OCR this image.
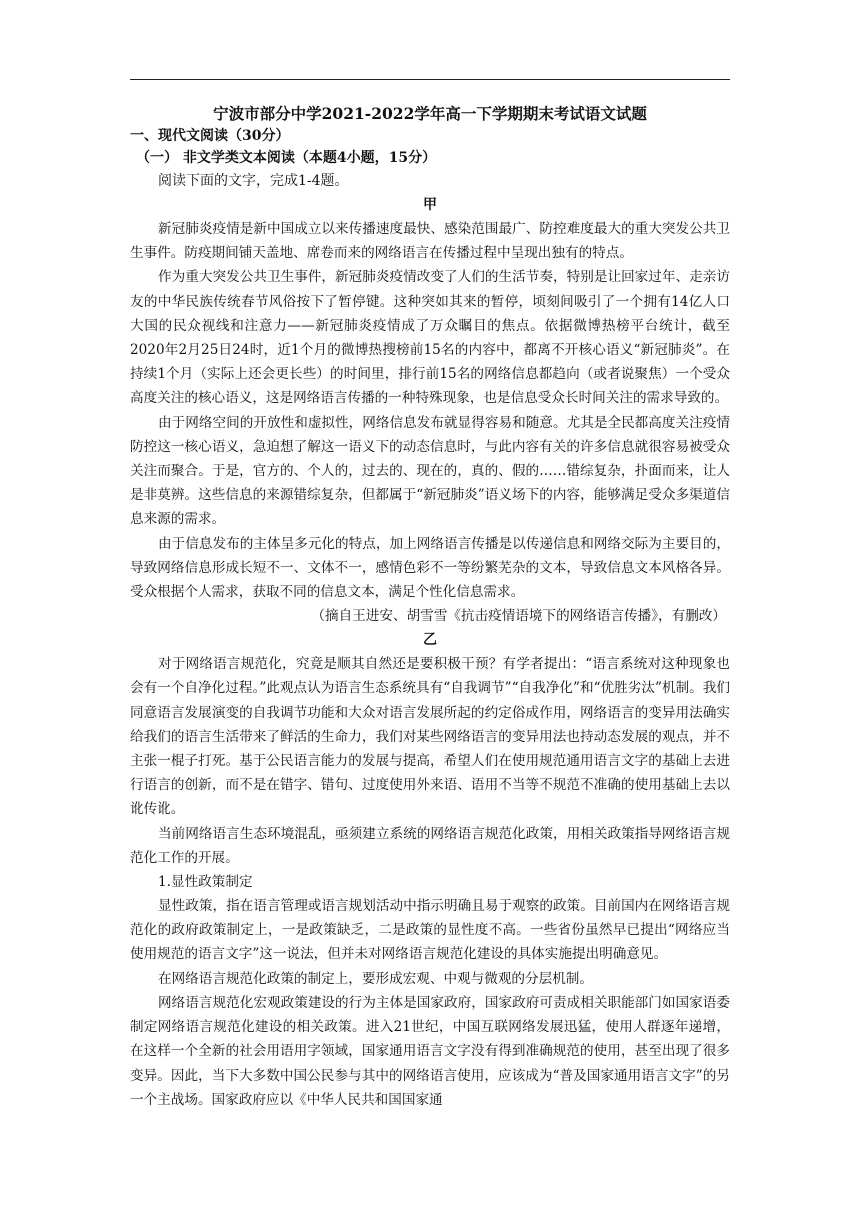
宁波市部分中学2021-2022学年高一下学期期末考试语文试题
一、现代文阅读（30分）
（一） 非文学类文本阅读（本题4小题，15分）
阅读下面的文字，完成1-4题。
甲

新冠肺炎疫情是新中国成立以来传播速度最快、感染范围最广、防控难度最大的重大突发公共卫生事件。防疫期间铺天盖地、席卷而来的网络语言在传播过程中呈现出独有的特点。

作为重大突发公共卫生事件，新冠肺炎疫情改变了人们的生活节奏，特别是让回家过年、走亲访友的中华民族传统春节风俗按下了暂停键。这种突如其来的暂停，顷刻间吸引了一个拥有14亿人口大国的民众视线和注意力——新冠肺炎疫情成了万众瞩目的焦点。依据微博热榜平台统计，截至2020年2月25日24时，近1个月的微博热搜榜前15名的内容中，都离不开核心语义“新冠肺炎”。在持续1个月（实际上还会更长些）的时间里，排行前15名的网络信息都趋向（或者说聚焦）一个受众高度关注的核心语义，这是网络语言传播的一种特殊现象，也是信息受众长时间关注的需求导致的。

由于网络空间的开放性和虚拟性，网络信息发布就显得容易和随意。尤其是全民都高度关注疫情防控这一核心语义，急迫想了解这一语义下的动态信息时，与此内容有关的许多信息就很容易被受众关注而聚合。于是，官方的、个人的，过去的、现在的，真的、假的……错综复杂，扑面而来，让人是非莫辨。这些信息的来源错综复杂，但都属于“新冠肺炎”语义场下的内容，能够满足受众多渠道信息来源的需求。

由于信息发布的主体呈多元化的特点，加上网络语言传播是以传递信息和网络交际为主要目的，导致网络信息形成长短不一、文体不一，感情色彩不一等纷繁芜杂的文本，导致信息文本风格各异。受众根据个人需求，获取不同的信息文本，满足个性化信息需求。

（摘自王进安、胡雪雪《抗击疫情语境下的网络语言传播》，有删改）
乙

对于网络语言规范化，究竟是顺其自然还是要积极干预？有学者提出：“语言系统对这种现象也会有一个自净化过程。”此观点认为语言生态系统具有“自我调节”“自我净化”和“优胜劣汰”机制。我们同意语言发展演变的自我调节功能和大众对语言发展所起的约定俗成作用，网络语言的变异用法确实给我们的语言生活带来了鲜活的生命力，我们对某些网络语言的变异用法也持动态发展的观点，并不主张一棍子打死。基于公民语言能力的发展与提高，希望人们在使用规范通用语言文字的基础上去进行语言的创新，而不是在错字、错句、过度使用外来语、语用不当等不规范不准确的使用基础上去以讹传讹。

当前网络语言生态环境混乱，亟须建立系统的网络语言规范化政策，用相关政策指导网络语言规范化工作的开展。

1.显性政策制定

显性政策，指在语言管理或语言规划活动中指示明确且易于观察的政策。目前国内在网络语言规范化的政府政策制定上，一是政策缺乏，二是政策的显性度不高。一些省份虽然早已提出“网络应当使用规范的语言文字”这一说法，但并未对网络语言规范化建设的具体实施提出明确意见。

在网络语言规范化政策的制定上，要形成宏观、中观与微观的分层机制。

网络语言规范化宏观政策建设的行为主体是国家政府，国家政府可责成相关职能部门如国家语委制定网络语言规范化建设的相关政策。进入21世纪，中国互联网络发展迅猛，使用人群逐年递增，在这样一个全新的社会用语用字领域，国家通用语言文字没有得到准确规范的使用，甚至出现了很多变异。因此，当下大多数中国公民参与其中的网络语言使用，应该成为“普及国家通用语言文字”的另一个主战场。国家政府应以《中华人民共和国国家通
